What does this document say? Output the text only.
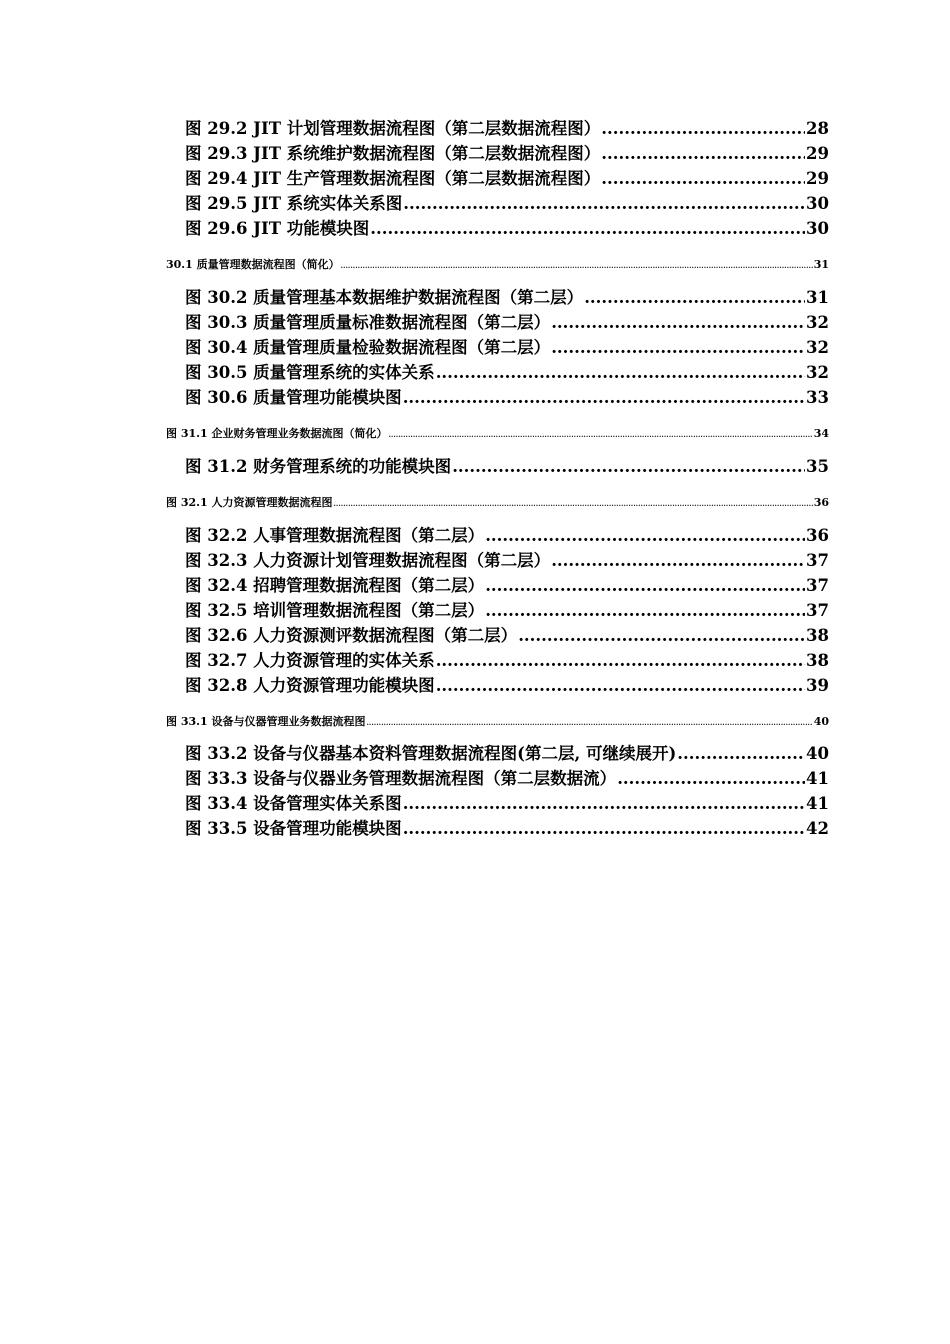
图 29.2 JIT 计划管理数据流程图（第二层数据流程图） .....	28
图 29.3 JIT 系统维护数据流程图（第二层数据流程图） .....	29
图 29.4 JIT 生产管理数据流程图（第二层数据流程图） .....	29
图 29.5 JIT 系统实体关系图 .....	30
图 29.6 JIT 功能模块图 .....	30
30.1 质量管理数据流程图（简化） .....	31
图 30.2 质量管理基本数据维护数据流程图（第二层） .....	31
图 30.3 质量管理质量标准数据流程图（第二层） .....	32
图 30.4 质量管理质量检验数据流程图（第二层） .....	32
图 30.5 质量管理系统的实体关系 .....	32
图 30.6 质量管理功能模块图 .....	33
图 31.1 企业财务管理业务数据流图（简化） .....	34
图 31.2 财务管理系统的功能模块图 .....	35
图 32.1 人力资源管理数据流程图 .....	36
图 32.2 人事管理数据流程图（第二层） .....	36
图 32.3 人力资源计划管理数据流程图（第二层） .....	37
图 32.4 招聘管理数据流程图（第二层） .....	37
图 32.5 培训管理数据流程图（第二层） .....	37
图 32.6 人力资源测评数据流程图（第二层） .....	38
图 32.7 人力资源管理的实体关系 .....	38
图 32.8 人力资源管理功能模块图 .....	39
图 33.1 设备与仪器管理业务数据流程图 .....	40
图 33.2 设备与仪器基本资料管理数据流程图(第二层, 可继续展开) .....	40
图 33.3 设备与仪器业务管理数据流程图（第二层数据流） .....	41
图 33.4 设备管理实体关系图 .....	41
图 33.5 设备管理功能模块图 .....	42
